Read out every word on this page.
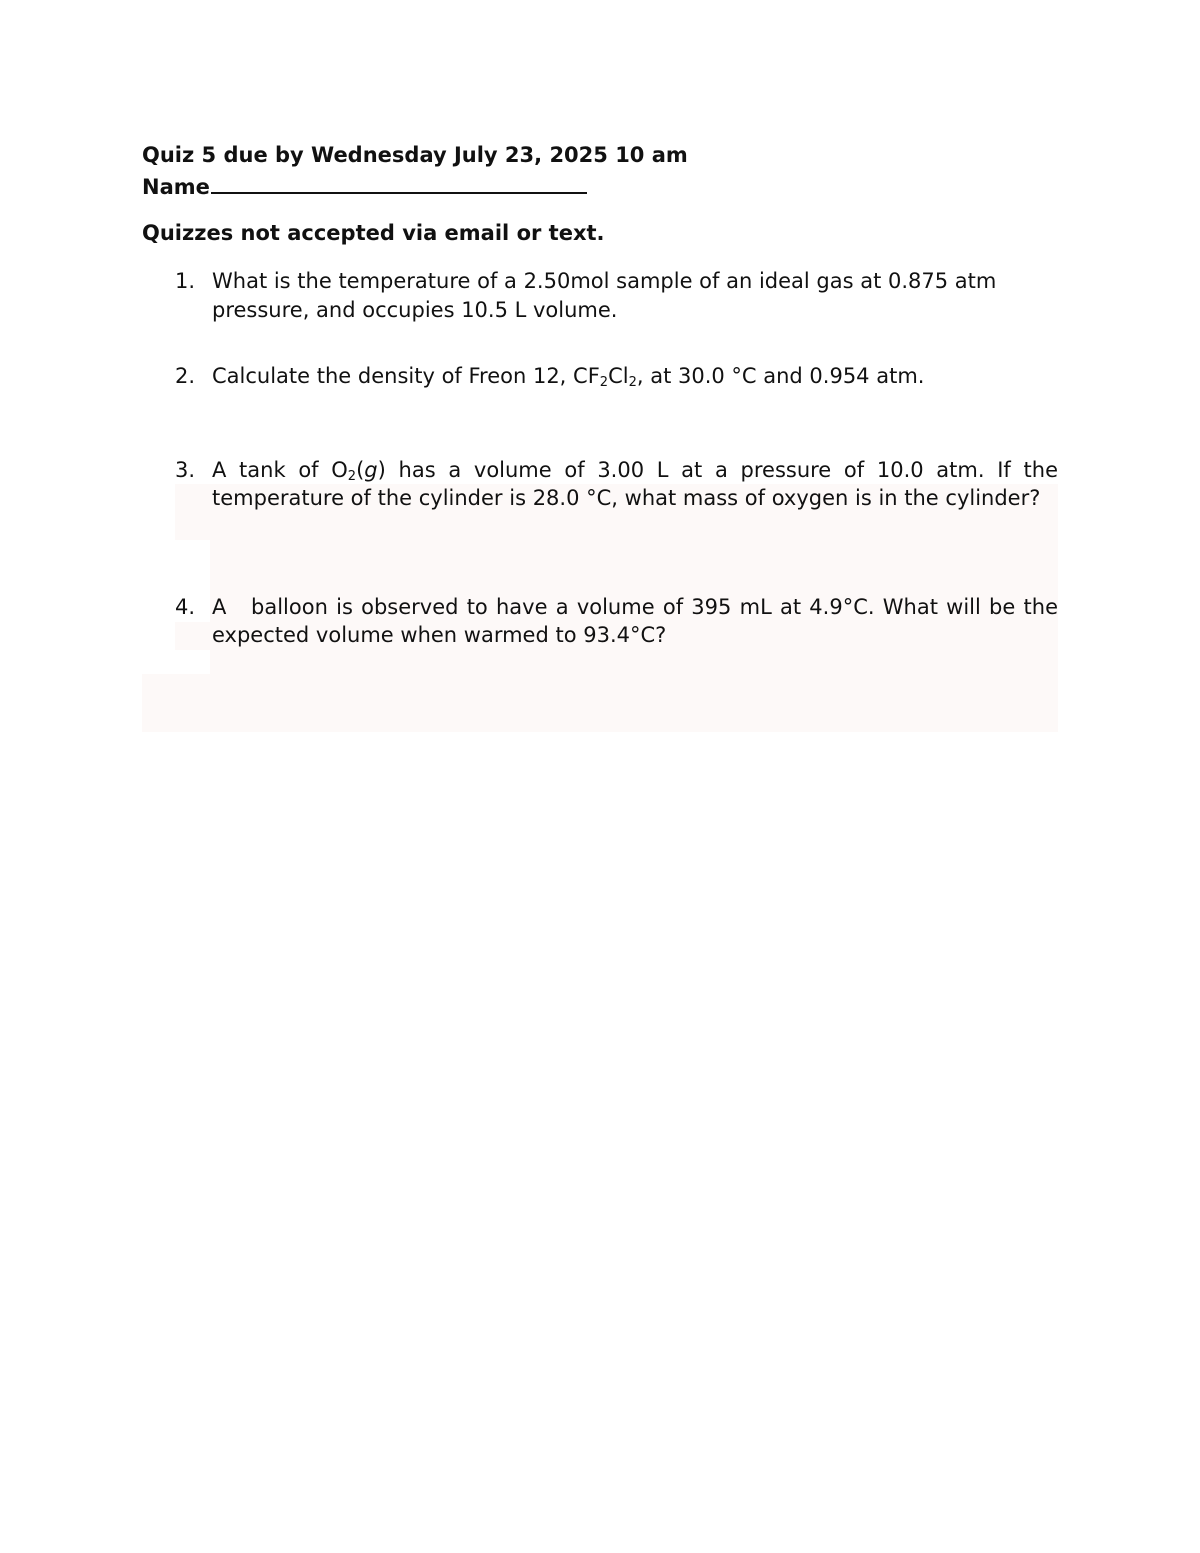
Quiz 5 due by Wednesday July 23, 2025 10 am
Name
Quizzes not accepted via email or text.
1. What is the temperature of a 2.50mol sample of an ideal gas at 0.875 atm pressure, and occupies 10.5 L volume.
2. Calculate the density of Freon 12, $CF_2Cl_2$, at 30.0 °C and 0.954 atm.
3. A tank of $O_2(g)$ has a volume of 3.00 L at a pressure of 10.0 atm. If the temperature of the cylinder is 28.0 °C, what mass of oxygen is in the cylinder?
4. A   balloon is observed to have a volume of 395 mL at 4.9°C. What will be the expected volume when warmed to 93.4°C?
